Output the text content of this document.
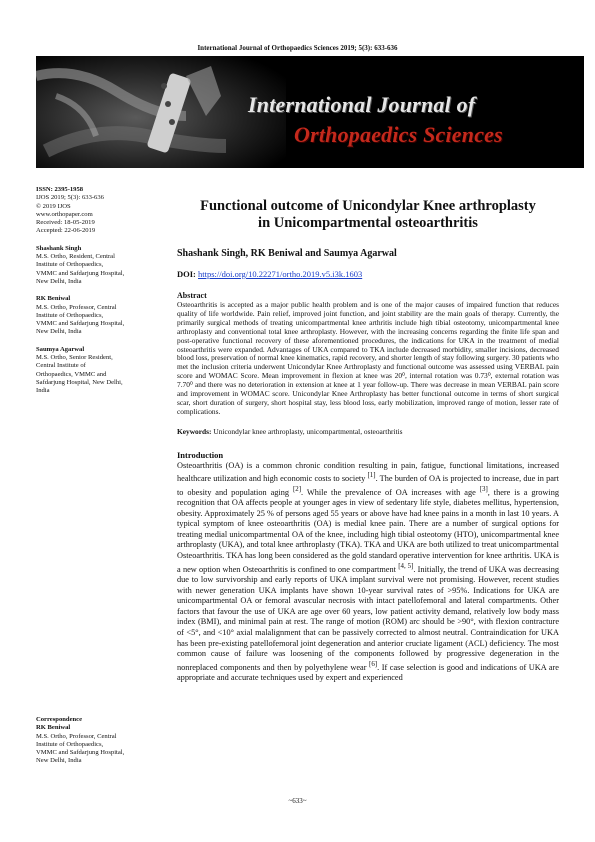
International Journal of Orthopaedics Sciences 2019; 5(3): 633-636
International Journal of
Orthopaedics Sciences
ISSN: 2395-1958
IJOS 2019; 5(3): 633-636
© 2019 IJOS
www.orthopaper.com
Received: 18-05-2019
Accepted: 22-06-2019
Shashank Singh
M.S. Ortho, Resident, Central
Institute of Orthopaedics,
VMMC and Safdarjung Hospital,
New Delhi, India
RK Beniwal
M.S. Ortho, Professor, Central
Institute of Orthopaedics,
VMMC and Safdarjung Hospital,
New Delhi, India
Saumya Agarwal
M.S. Ortho, Senior Resident,
Central Institute of
Orthopaedics, VMMC and
Safdarjung Hospital, New Delhi,
India
Correspondence
RK Beniwal
M.S. Ortho, Professor, Central
Institute of Orthopaedics,
VMMC and Safdarjung Hospital,
New Delhi, India
Functional outcome of Unicondylar Knee arthroplasty
in Unicompartmental osteoarthritis
Shashank Singh, RK Beniwal and Saumya Agarwal
DOI: https://doi.org/10.22271/ortho.2019.v5.i3k.1603
Abstract
Osteoarthritis is accepted as a major public health problem and is one of the major causes of impaired function that reduces quality of life worldwide. Pain relief, improved joint function, and joint stability are the main goals of therapy. Currently, the primarily surgical methods of treating unicompartmental knee arthritis include high tibial osteotomy, unicompartmental knee arthroplasty and conventional total knee arthroplasty. However, with the increasing concerns regarding the finite life span and post-operative functional recovery of these aforementioned procedures, the indications for UKA in the treatment of medial osteoarthritis were expanded. Advantages of UKA compared to TKA include decreased morbidity, smaller incisions, decreased blood loss, preservation of normal knee kinematics, rapid recovery, and shorter length of stay following surgery. 30 patients who met the inclusion criteria underwent Unicondylar Knee Arthroplasty and functional outcome was assessed using VERBAL pain score and WOMAC Score. Mean improvement in flexion at knee was 20⁰, internal rotation was 0.73⁰, external rotation was 7.70⁰ and there was no deterioration in extension at knee at 1 year follow-up. There was decrease in mean VERBAL pain score and improvement in WOMAC score. Unicondylar Knee Arthroplasty has better functional outcome in terms of short surgical scar, short duration of surgery, short hospital stay, less blood loss, early mobilization, improved range of motion, lesser rate of complications.
Keywords: Unicondylar knee arthroplasty, unicompartmental, osteoarthritis
Introduction
Osteoarthritis (OA) is a common chronic condition resulting in pain, fatigue, functional limitations, increased healthcare utilization and high economic costs to society [1]. The burden of OA is projected to increase, due in part to obesity and population aging [2]. While the prevalence of OA increases with age [3], there is a growing recognition that OA affects people at younger ages in view of sedentary life style, diabetes mellitus, hypertension, obesity. Approximately 25 % of persons aged 55 years or above have had knee pains in a month in last 10 years. A typical symptom of knee osteoarthritis (OA) is medial knee pain. There are a number of surgical options for treating medial unicompartmental OA of the knee, including high tibial osteotomy (HTO), unicompartmental knee arthroplasty (UKA), and total knee arthroplasty (TKA). TKA and UKA are both utilized to treat unicompartmental Osteoarthritis. TKA has long been considered as the gold standard operative intervention for knee arthritis. UKA is a new option when Osteoarthritis is confined to one compartment [4, 5]. Initially, the trend of UKA was decreasing due to low survivorship and early reports of UKA implant survival were not promising. However, recent studies with newer generation UKA implants have shown 10-year survival rates of >95%. Indications for UKA are unicompartmental OA or femoral avascular necrosis with intact patellofemoral and lateral compartments. Other factors that favour the use of UKA are age over 60 years, low patient activity demand, relatively low body mass index (BMI), and minimal pain at rest. The range of motion (ROM) arc should be >90°, with flexion contracture of <5°, and <10° axial malalignment that can be passively corrected to almost neutral. Contraindication for UKA has been pre-existing patellofemoral joint degeneration and anterior cruciate ligament (ACL) deficiency. The most common cause of failure was loosening of the components followed by progressive degeneration in the nonreplaced components and then by polyethylene wear [6]. If case selection is good and indications of UKA are appropriate and accurate techniques used by expert and experienced
~633~
